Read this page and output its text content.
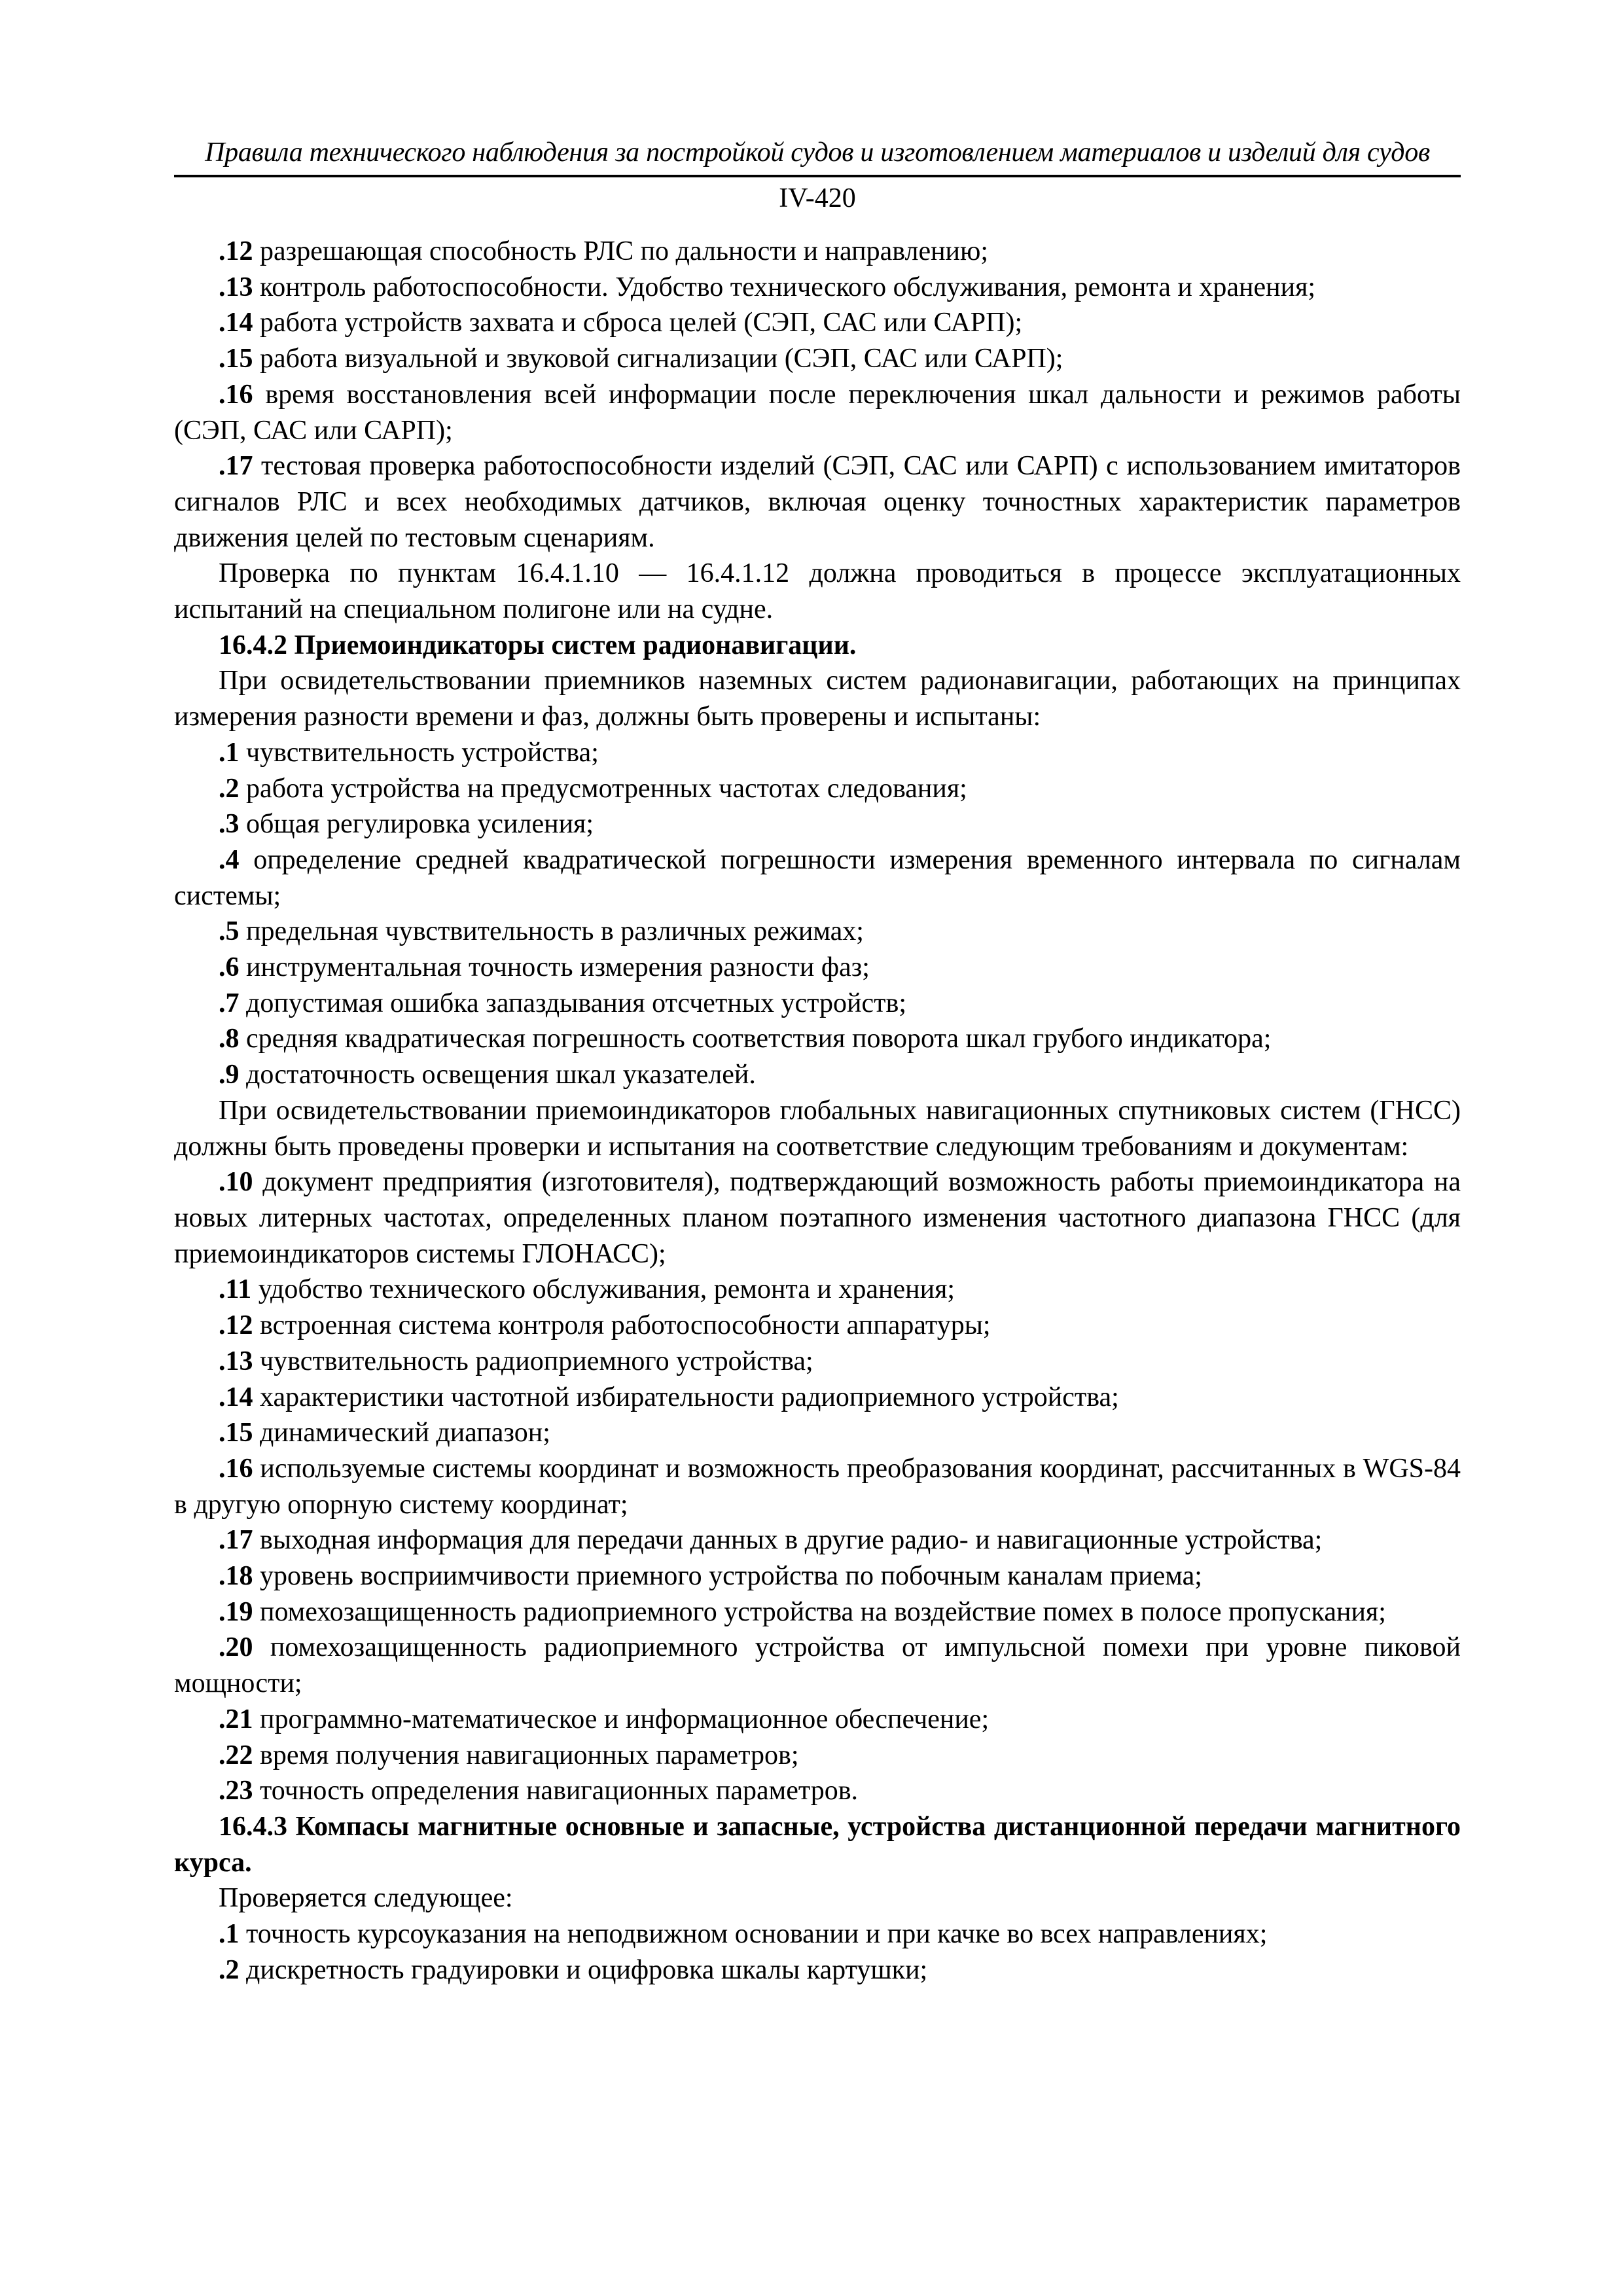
Правила технического наблюдения за постройкой судов и изготовлением материалов и изделий для судов
IV-420

.12 разрешающая способность РЛС по дальности и направлению;

.13 контроль работоспособности. Удобство технического обслуживания, ремонта и хранения;

.14 работа устройств захвата и сброса целей (СЭП, САС или САРП);

.15 работа визуальной и звуковой сигнализации (СЭП, САС или САРП);

.16 время восстановления всей информации после переключения шкал дальности и режимов работы (СЭП, САС или САРП);

.17 тестовая проверка работоспособности изделий (СЭП, САС или САРП) с использованием имитаторов сигналов РЛС и всех необходимых датчиков, включая оценку точностных характеристик параметров движения целей по тестовым сценариям.

Проверка по пунктам 16.4.1.10 — 16.4.1.12 должна проводиться в процессе эксплуатационных испытаний на специальном полигоне или на судне.

16.4.2 Приемоиндикаторы систем радионавигации.

При освидетельствовании приемников наземных систем радионавигации, работающих на принципах измерения разности времени и фаз, должны быть проверены и испытаны:

.1 чувствительность устройства;

.2 работа устройства на предусмотренных частотах следования;

.3 общая регулировка усиления;

.4 определение средней квадратической погрешности измерения временного интервала по сигналам системы;

.5 предельная чувствительность в различных режимах;

.6 инструментальная точность измерения разности фаз;

.7 допустимая ошибка запаздывания отсчетных устройств;

.8 средняя квадратическая погрешность соответствия поворота шкал грубого индикатора;

.9 достаточность освещения шкал указателей.

При освидетельствовании приемоиндикаторов глобальных навигационных спутниковых систем (ГНСС) должны быть проведены проверки и испытания на соответствие следующим требованиям и документам:

.10 документ предприятия (изготовителя), подтверждающий возможность работы приемоиндикатора на новых литерных частотах, определенных планом поэтапного изменения частотного диапазона ГНСС (для приемоиндикаторов системы ГЛОНАСС);

.11 удобство технического обслуживания, ремонта и хранения;

.12 встроенная система контроля работоспособности аппаратуры;

.13 чувствительность радиоприемного устройства;

.14 характеристики частотной избирательности радиоприемного устройства;

.15 динамический диапазон;

.16 используемые системы координат и возможность преобразования координат, рассчитанных в WGS-84 в другую опорную систему координат;

.17 выходная информация для передачи данных в другие радио- и навигационные устройства;

.18 уровень восприимчивости приемного устройства по побочным каналам приема;

.19 помехозащищенность радиоприемного устройства на воздействие помех в полосе пропускания;

.20 помехозащищенность радиоприемного устройства от импульсной помехи при уровне пиковой мощности;

.21 программно-математическое и информационное обеспечение;

.22 время получения навигационных параметров;

.23 точность определения навигационных параметров.

16.4.3 Компасы магнитные основные и запасные, устройства дистанционной передачи магнитного курса.

Проверяется следующее:

.1 точность курсоуказания на неподвижном основании и при качке во всех направлениях;

.2 дискретность градуировки и оцифровка шкалы картушки;
